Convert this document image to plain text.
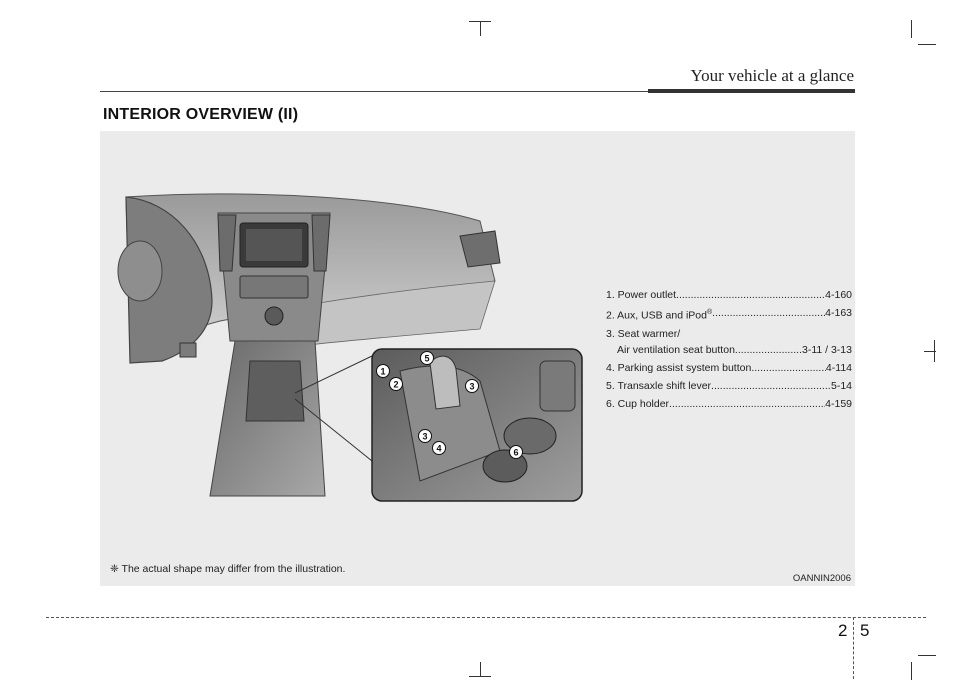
Your vehicle at a glance
INTERIOR OVERVIEW (II)
1
2	3
3
4
5
6
1. Power outlet .....	4-160
2. Aux, USB and iPod® .....	4-163
3. Seat warmer/
Air ventilation seat button .....	3-11 / 3-13
4. Parking assist system button .....	4-114
5. Transaxle shift lever .....	5-14
6. Cup holder .....	4-159
❈ The actual shape may differ from the illustration.
OANNIN2006
2 5
